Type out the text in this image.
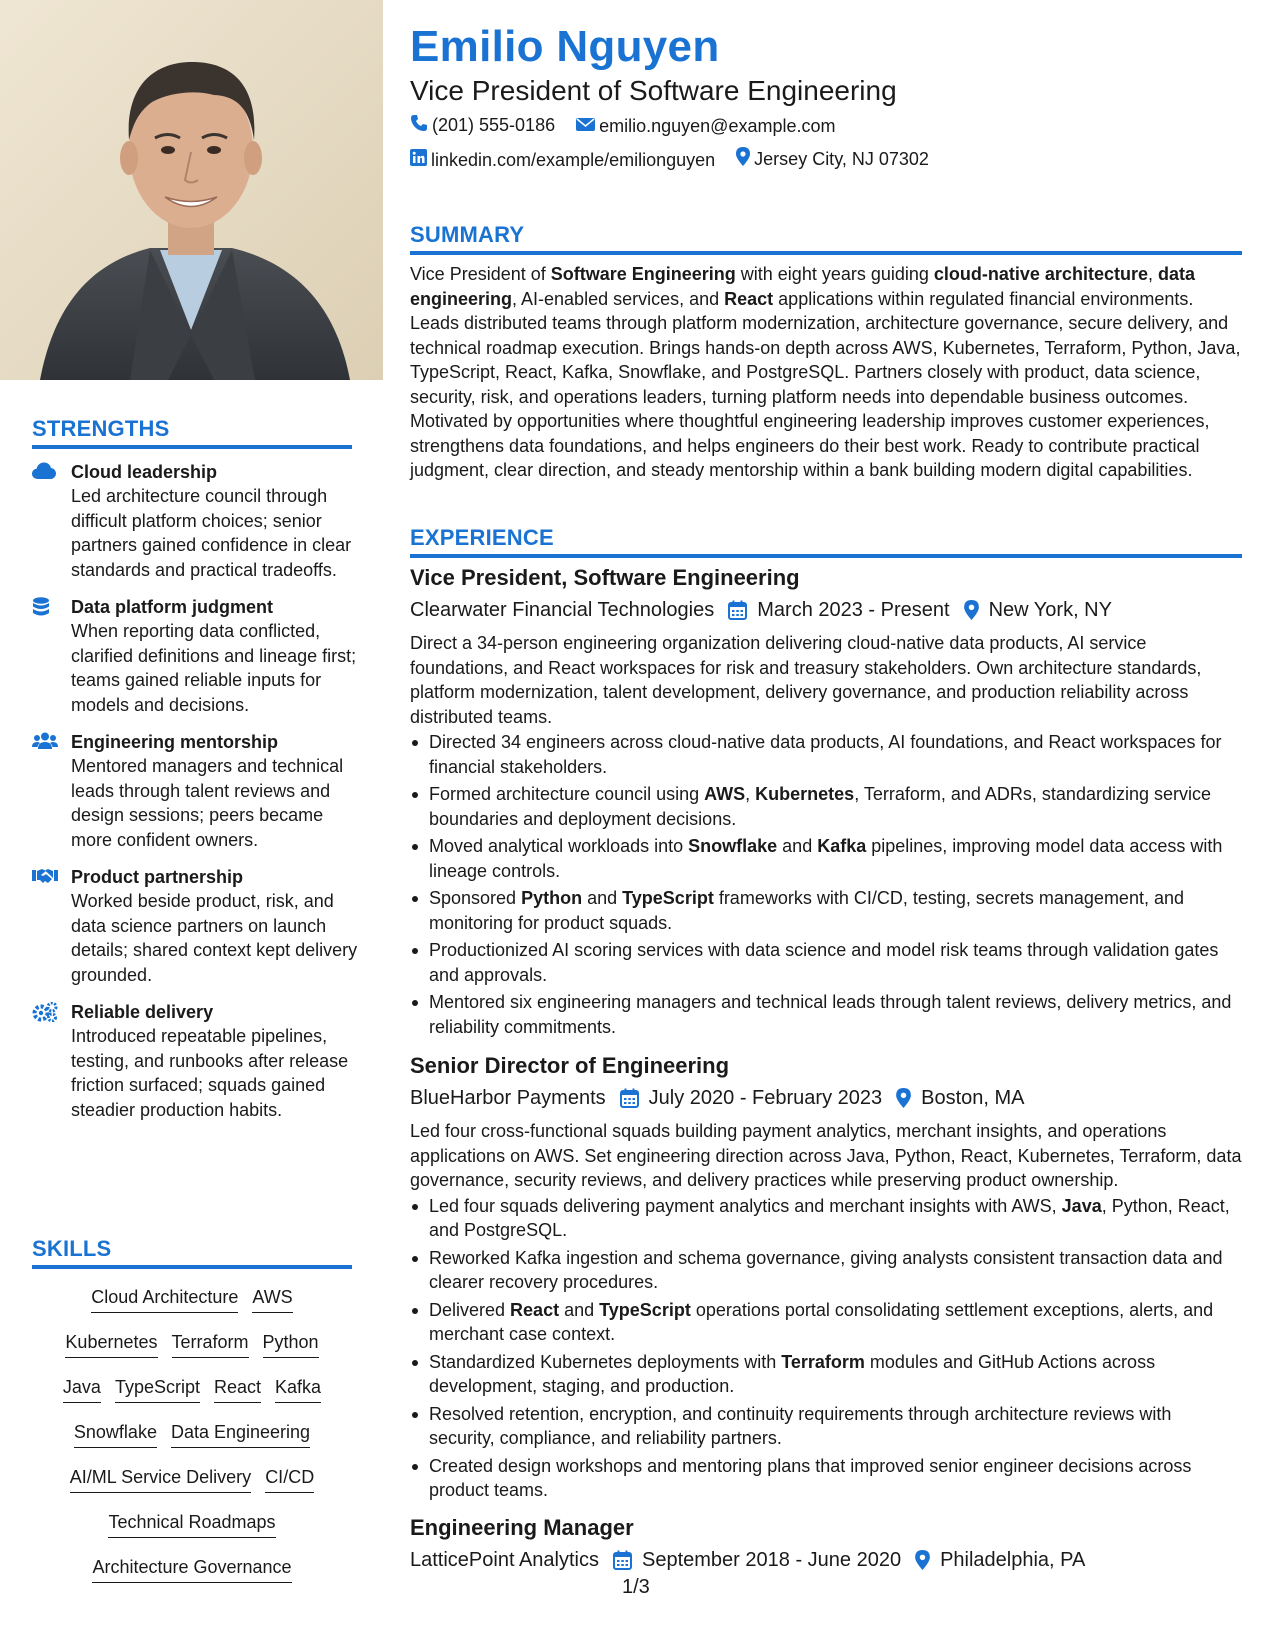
STRENGTHS
Cloud leadership
Led architecture council through difficult platform choices; senior partners gained confidence in clear standards and practical tradeoffs.
Data platform judgment
When reporting data conflicted, clarified definitions and lineage first; teams gained reliable inputs for models and decisions.
Engineering mentorship
Mentored managers and technical leads through talent reviews and design sessions; peers became more confident owners.
Product partnership
Worked beside product, risk, and data science partners on launch details; shared context kept delivery grounded.
Reliable delivery
Introduced repeatable pipelines, testing, and runbooks after release friction surfaced; squads gained steadier production habits.
SKILLS
Cloud Architecture AWS
Kubernetes Terraform Python
Java TypeScript React Kafka
Snowflake Data Engineering
AI/ML Service Delivery CI/CD
Technical Roadmaps
Architecture Governance
Emilio Nguyen
Vice President of Software Engineering
(201) 555-0186
emilio.nguyen@example.com
linkedin.com/example/emilionguyen
Jersey City, NJ 07302
SUMMARY
Vice President of Software Engineering with eight years guiding cloud-native architecture, data engineering, AI-enabled services, and React applications within regulated financial environments. Leads distributed teams through platform modernization, architecture governance, secure delivery, and technical roadmap execution. Brings hands-on depth across AWS, Kubernetes, Terraform, Python, Java, TypeScript, React, Kafka, Snowflake, and PostgreSQL. Partners closely with product, data science, security, risk, and operations leaders, turning platform needs into dependable business outcomes. Motivated by opportunities where thoughtful engineering leadership improves customer experiences, strengthens data foundations, and helps engineers do their best work. Ready to contribute practical judgment, clear direction, and steady mentorship within a bank building modern digital capabilities.
EXPERIENCE
Vice President, Software Engineering
Clearwater Financial Technologies March 2023 - Present New York, NY
Direct a 34-person engineering organization delivering cloud-native data products, AI service foundations, and React workspaces for risk and treasury stakeholders. Own architecture standards, platform modernization, talent development, delivery governance, and production reliability across distributed teams.
Directed 34 engineers across cloud-native data products, AI foundations, and React workspaces for financial stakeholders.
Formed architecture council using AWS, Kubernetes, Terraform, and ADRs, standardizing service boundaries and deployment decisions.
Moved analytical workloads into Snowflake and Kafka pipelines, improving model data access with lineage controls.
Sponsored Python and TypeScript frameworks with CI/CD, testing, secrets management, and monitoring for product squads.
Productionized AI scoring services with data science and model risk teams through validation gates and approvals.
Mentored six engineering managers and technical leads through talent reviews, delivery metrics, and reliability commitments.
Senior Director of Engineering
BlueHarbor Payments July 2020 - February 2023 Boston, MA
Led four cross-functional squads building payment analytics, merchant insights, and operations applications on AWS. Set engineering direction across Java, Python, React, Kubernetes, Terraform, data governance, security reviews, and delivery practices while preserving product ownership.
Led four squads delivering payment analytics and merchant insights with AWS, Java, Python, React, and PostgreSQL.
Reworked Kafka ingestion and schema governance, giving analysts consistent transaction data and clearer recovery procedures.
Delivered React and TypeScript operations portal consolidating settlement exceptions, alerts, and merchant case context.
Standardized Kubernetes deployments with Terraform modules and GitHub Actions across development, staging, and production.
Resolved retention, encryption, and continuity requirements through architecture reviews with security, compliance, and reliability partners.
Created design workshops and mentoring plans that improved senior engineer decisions across product teams.
Engineering Manager
LatticePoint Analytics September 2018 - June 2020 Philadelphia, PA
1/3
